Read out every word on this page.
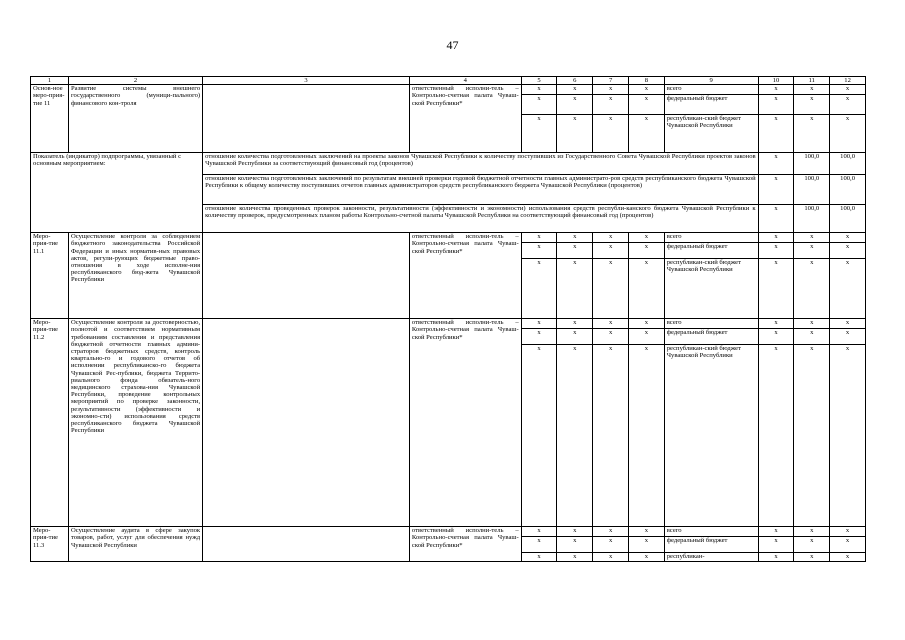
47
1	2	3	4	5	6	7	8	9	10	11	12
Основ-ное меро-прия-тие 11	Развитие системы внешнего государственного (муници-пального) финансового кон-троля		ответственный исполни-тель – Контрольно-счетная палата Чуваш-ской Республики*	x	x	x	x	всего	x	x	x
				x	x	x	x	федеральный бюджет	x	x	x
				x	x	x	x	республикан-ский бюджет Чувашской Республики	x	x	x
Показатель (индикатор) подпрограммы, увязанный с основным мероприятием:		отношение количества подготовленных заключений на проекты законов Чувашской Республики к количеству поступивших из Государственного Совета Чувашской Республики проектов законов Чувашской Республики за соответствующий финансовый год (процентов)							x	100,0	100,0
		отношение количества подготовленных заключений по результатам внешней проверки годовой бюджетной отчетности главных администрато-ров средств республиканского бюджета Чувашской Республики к общему количеству поступивших отчетов главных администраторов средств республиканского бюджета Чувашской Республики (процентов)							x	100,0	100,0
		отношение количества проведенных проверок законности, результативности (эффективности и экономности) использования средств республи-канского бюджета Чувашской Республики к количеству проверок, предусмотренных планом работы Контрольно-счетной палаты Чувашской Республики на соответствующий финансовый год (процентов)							x	100,0	100,0
Меро-прия-тие 11.1	Осуществление контроля за соблюдением бюджетного законодательства Российской Федерации и иных норматив-ных правовых актов, регули-рующих бюджетные право-отношения в ходе исполне-ния республиканского бюд-жета Чувашской Республики		ответственный исполни-тель – Контрольно-счетная палата Чуваш-ской Республики*	x	x	x	x	всего	x	x	x
				x	x	x	x	федеральный бюджет	x	x	x
				x	x	x	x	республикан-ский бюджет Чувашской Республики	x	x	x
Меро-прия-тие 11.2	Осуществление контроля за достоверностью, полнотой и соответствием нормативным требованиям составления и представления бюджетной отчетности главных админи-страторов бюджетных средств, контроль квартально-го и годового отчетов об исполнении республиканско-го бюджета Чувашской Рес-публики, бюджета Террито-риального фонда обязатель-ного медицинского страхова-ния Чувашской Республики, проведение контрольных мероприятий по проверке законности, результативности (эффективности и экономно-сти) использования средств республиканского бюджета Чувашской Республики		ответственный исполни-тель – Контрольно-счетная палата Чуваш-ской Республики*	x	x	x	x	всего	x	x	x
				x	x	x	x	федеральный бюджет	x	x	x
				x	x	x	x	республикан-ский бюджет Чувашской Республики	x	x	x
Меро-прия-тие 11.3	Осуществление аудита в сфере закупок товаров, работ, услуг для обеспечения нужд Чувашской Республики		ответственный исполни-тель – Контрольно-счетная палата Чуваш-ской Республики*	x	x	x	x	всего	x	x	x
				x	x	x	x	федеральный бюджет	x	x	x
				x	x	x	x	республикан-	x	x	x
